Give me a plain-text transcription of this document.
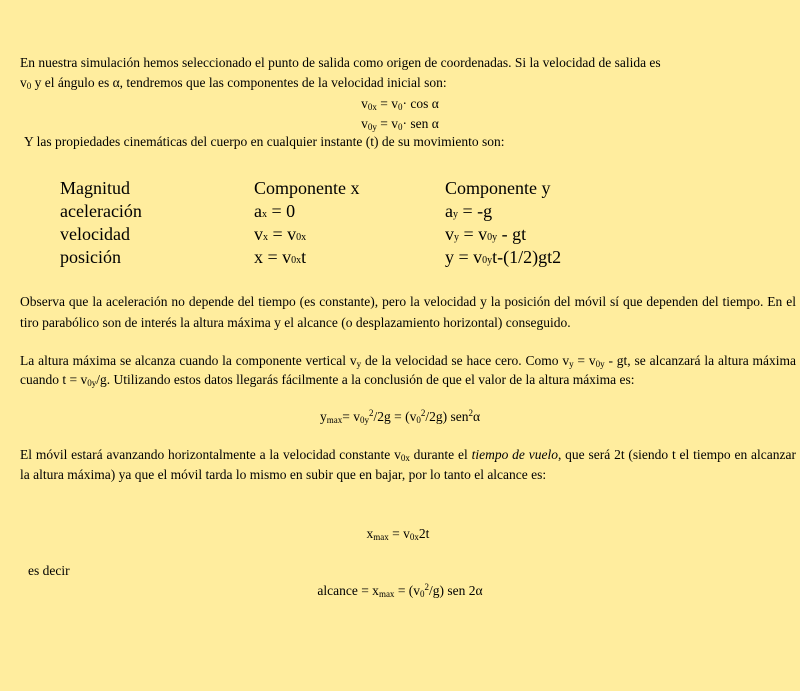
En nuestra simulación hemos seleccionado el punto de salida como origen de coordenadas. Si la velocidad de salida es
$v_0$ y el ángulo es α, tendremos que las componentes de la velocidad inicial son:
$v_{0x} = v_0\cdot \cos \alpha$
$v_{0y} = v_0\cdot$ sen α
Y las propiedades cinemáticas del cuerpo en cualquier instante (t) de su movimiento son:
Magnitud	Componente x	Componente y
aceleración	ax = 0	ay = -g
velocidad	vx = v0x	vy = v0y - gt
posición	x = v0xt	y = v0yt-(1/2)gt2
Observa que la aceleración no depende del tiempo (es constante), pero la velocidad y la posición del móvil sí que dependen del tiempo. En el tiro parabólico son de interés la altura máxima y el alcance (o desplazamiento horizontal) conseguido.
La altura máxima se alcanza cuando la componente vertical $v_y$ de la velocidad se hace cero. Como $v_y = v_{0y}$ - gt, se alcanzará la altura máxima cuando $t = v_{0y}/g$. Utilizando estos datos llegarás fácilmente a la conclusión de que el valor de la altura máxima es:
$y_{max}= v_{0y}^2/2g = (v_0^2/2g)$ sen$^2$α
El móvil estará avanzando horizontalmente a la velocidad constante $v_{0x}$ durante el tiempo de vuelo, que será 2t (siendo t el tiempo en alcanzar la altura máxima) ya que el móvil tarda lo mismo en subir que en bajar, por lo tanto el alcance es:
$x_{max} = v_{0x}2t$
es decir
alcance = $x_{max} = (v_0^2/g)$ sen 2α
